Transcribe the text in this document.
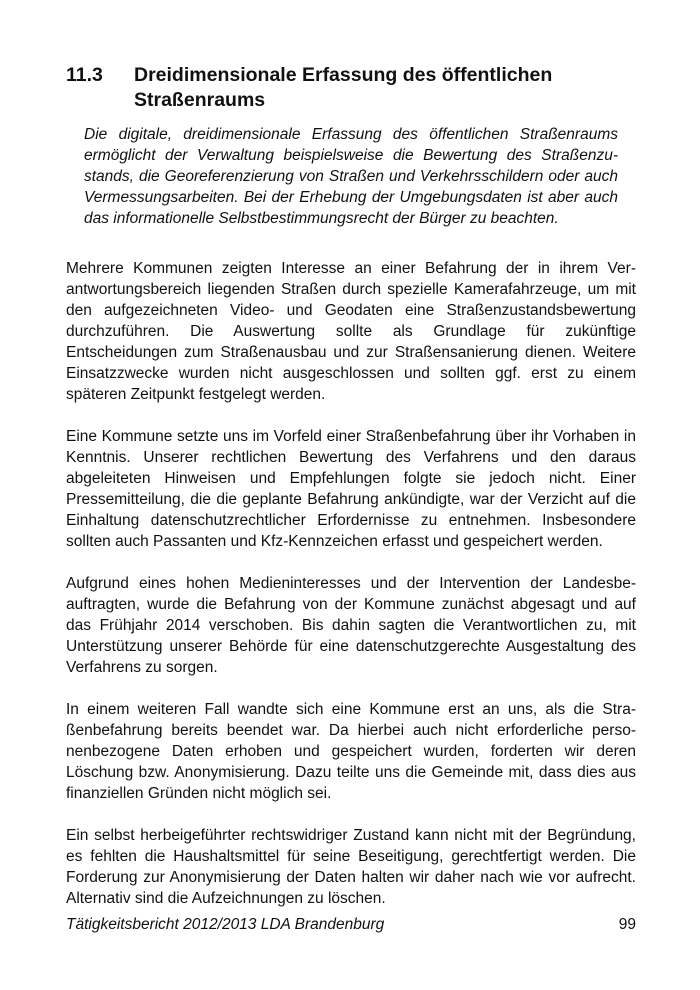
11.3	Dreidimensionale Erfassung des öffentlichen Straßenraums
Die digitale, dreidimensionale Erfassung des öffentlichen Straßenraums ermöglicht der Verwaltung beispielsweise die Bewertung des Straßenzustands, die Georeferenzierung von Straßen und Verkehrsschildern oder auch Vermessungsarbeiten. Bei der Erhebung der Umgebungsdaten ist aber auch das informationelle Selbstbestimmungsrecht der Bürger zu beachten.

Mehrere Kommunen zeigten Interesse an einer Befahrung der in ihrem Verantwortungsbereich liegenden Straßen durch spezielle Kamerafahrzeuge, um mit den aufgezeichneten Video- und Geodaten eine Straßenzustandsbewertung durchzuführen. Die Auswertung sollte als Grundlage für zukünftige Entscheidungen zum Straßenausbau und zur Straßensanierung dienen. Weitere Einsatzzwecke wurden nicht ausgeschlossen und sollten ggf. erst zu einem späteren Zeitpunkt festgelegt werden.

Eine Kommune setzte uns im Vorfeld einer Straßenbefahrung über ihr Vorhaben in Kenntnis. Unserer rechtlichen Bewertung des Verfahrens und den daraus abgeleiteten Hinweisen und Empfehlungen folgte sie jedoch nicht. Einer Pressemitteilung, die die geplante Befahrung ankündigte, war der Verzicht auf die Einhaltung datenschutzrechtlicher Erfordernisse zu entnehmen. Insbesondere sollten auch Passanten und Kfz-Kennzeichen erfasst und gespeichert werden.

Aufgrund eines hohen Medieninteresses und der Intervention der Landesbeauftragten, wurde die Befahrung von der Kommune zunächst abgesagt und auf das Frühjahr 2014 verschoben. Bis dahin sagten die Verantwortlichen zu, mit Unterstützung unserer Behörde für eine datenschutzgerechte Ausgestaltung des Verfahrens zu sorgen.

In einem weiteren Fall wandte sich eine Kommune erst an uns, als die Straßenbefahrung bereits beendet war. Da hierbei auch nicht erforderliche personenbezogene Daten erhoben und gespeichert wurden, forderten wir deren Löschung bzw. Anonymisierung. Dazu teilte uns die Gemeinde mit, dass dies aus finanziellen Gründen nicht möglich sei.

Ein selbst herbeigeführter rechtswidriger Zustand kann nicht mit der Begründung, es fehlten die Haushaltsmittel für seine Beseitigung, gerechtfertigt werden. Die Forderung zur Anonymisierung der Daten halten wir daher nach wie vor aufrecht. Alternativ sind die Aufzeichnungen zu löschen.

Tätigkeitsbericht 2012/2013 LDA Brandenburg	99
